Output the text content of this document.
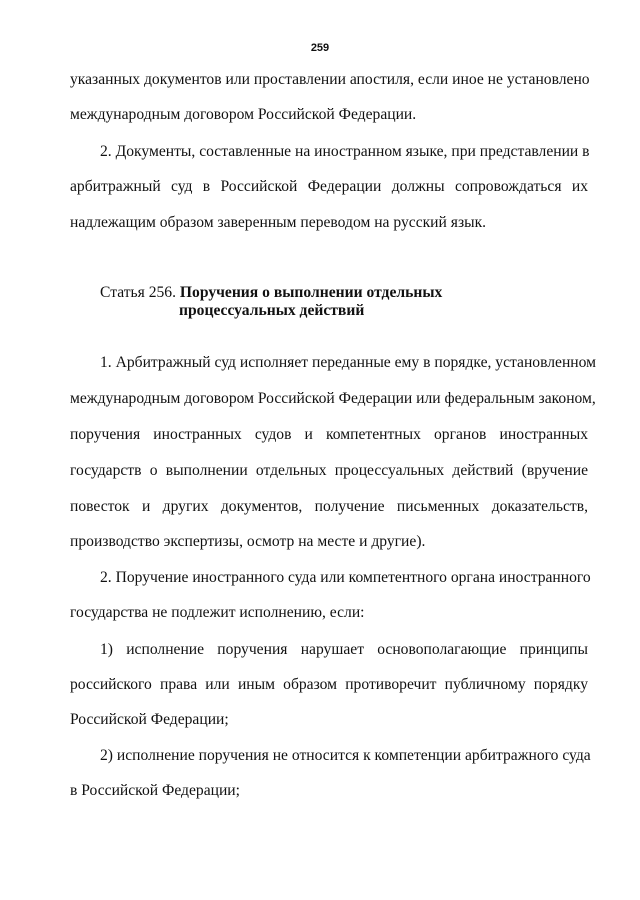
259
указанных документов или проставлении апостиля, если иное не установлено
международным договором Российской Федерации.
2. Документы, составленные на иностранном языке, при представлении в
арбитражный суд в Российской Федерации должны сопровождаться их
надлежащим образом заверенным переводом на русский язык.
Статья 256. Поручения о выполнении отдельных
процессуальных действий
1. Арбитражный суд исполняет переданные ему в порядке, установленном
международным договором Российской Федерации или федеральным законом,
поручения иностранных судов и компетентных органов иностранных
государств о выполнении отдельных процессуальных действий (вручение
повесток и других документов, получение письменных доказательств,
производство экспертизы, осмотр на месте и другие).
2. Поручение иностранного суда или компетентного органа иностранного
государства не подлежит исполнению, если:
1) исполнение поручения нарушает основополагающие принципы
российского права или иным образом противоречит публичному порядку
Российской Федерации;
2) исполнение поручения не относится к компетенции арбитражного суда
в Российской Федерации;
